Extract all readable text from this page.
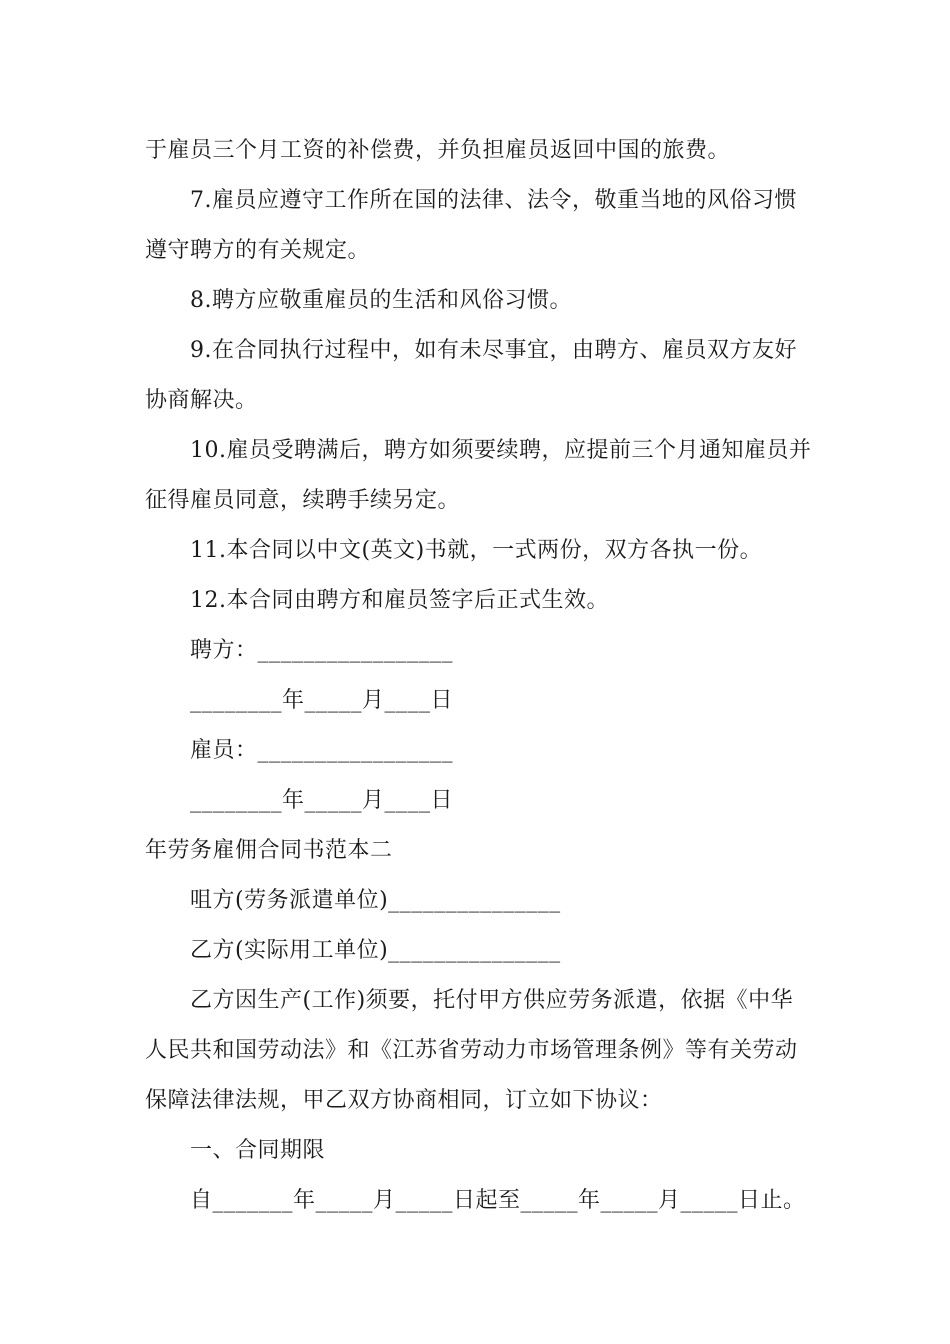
于雇员三个月工资的补偿费，并负担雇员返回中国的旅费。
7.雇员应遵守工作所在国的法律、法令，敬重当地的风俗习惯
遵守聘方的有关规定。
8.聘方应敬重雇员的生活和风俗习惯。
9.在合同执行过程中，如有未尽事宜，由聘方、雇员双方友好
协商解决。
10.雇员受聘满后，聘方如须要续聘，应提前三个月通知雇员并
征得雇员同意，续聘手续另定。
11.本合同以中文(英文)书就，一式两份，双方各执一份。
12.本合同由聘方和雇员签字后正式生效。
聘方：_________________
________年_____月____日
雇员：_________________
________年_____月____日
年劳务雇佣合同书范本二
咀方(劳务派遣单位)_______________
乙方(实际用工单位)_______________
乙方因生产(工作)须要，托付甲方供应劳务派遣，依据《中华
人民共和国劳动法》和《江苏省劳动力市场管理条例》等有关劳动
保障法律法规，甲乙双方协商相同，订立如下协议：
一、合同期限
自_______年_____月_____日起至_____年_____月_____日止。
